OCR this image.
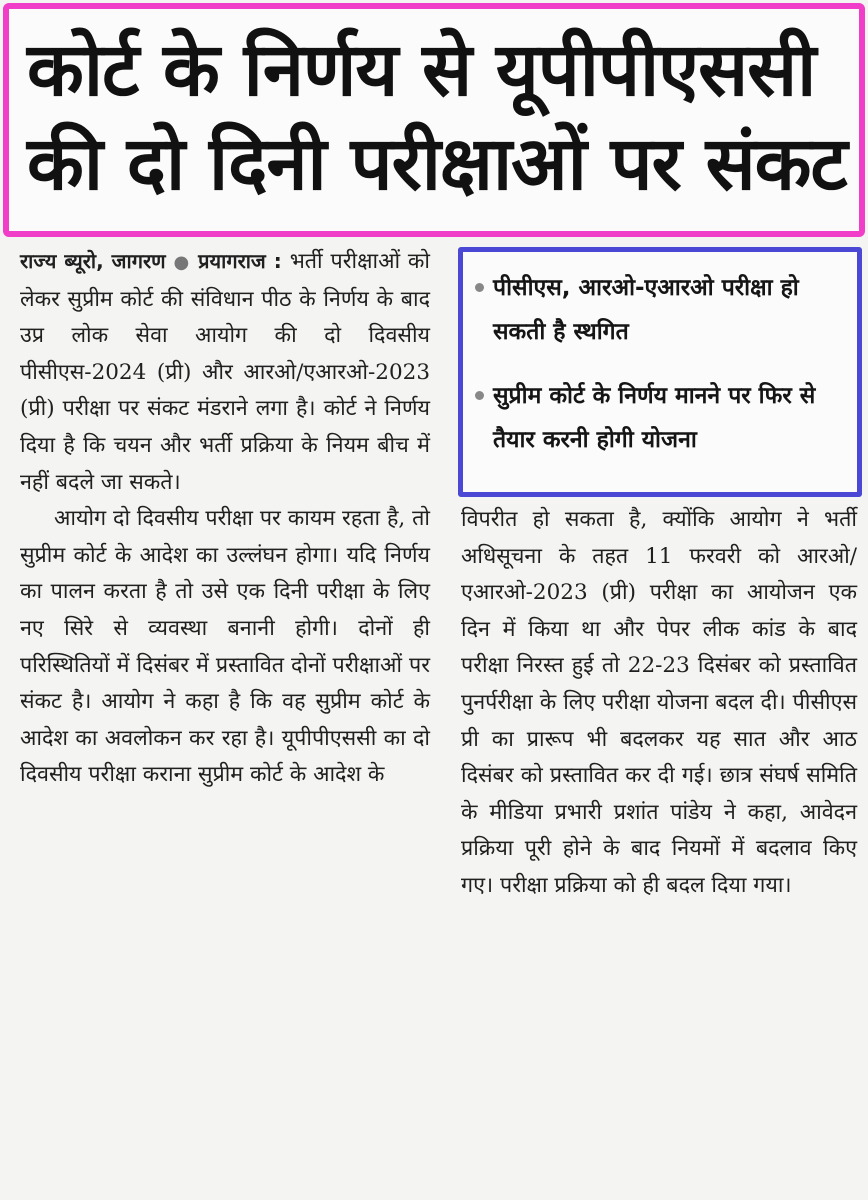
कोर्ट के निर्णय से यूपीपीएससी
की दो दिनी परीक्षाओं पर संकट

राज्य ब्यूरो, जागरण ● प्रयागराज : भर्ती परीक्षाओं को लेकर सुप्रीम कोर्ट की संविधान पीठ के निर्णय के बाद उप्र लोक सेवा आयोग की दो दिवसीय पीसीएस-2024 (प्री) और आरओ/एआरओ-2023 (प्री) परीक्षा पर संकट मंडराने लगा है। कोर्ट ने निर्णय दिया है कि चयन और भर्ती प्रक्रिया के नियम बीच में नहीं बदले जा सकते।

आयोग दो दिवसीय परीक्षा पर कायम रहता है, तो सुप्रीम कोर्ट के आदेश का उल्लंघन होगा। यदि निर्णय का पालन करता है तो उसे एक दिनी परीक्षा के लिए नए सिरे से व्यवस्था बनानी होगी। दोनों ही परिस्थितियों में दिसंबर में प्रस्तावित दोनों परीक्षाओं पर संकट है। आयोग ने कहा है कि वह सुप्रीम कोर्ट के आदेश का अवलोकन कर रहा है। यूपीपीएससी का दो दिवसीय परीक्षा कराना सुप्रीम कोर्ट के आदेश के

पीसीएस, आरओ-एआरओ परीक्षा हो सकती है स्थगित
सुप्रीम कोर्ट के निर्णय मानने पर फिर से तैयार करनी होगी योजना

विपरीत हो सकता है, क्योंकि आयोग ने भर्ती अधिसूचना के तहत 11 फरवरी को आरओ/एआरओ-2023 (प्री) परीक्षा का आयोजन एक दिन में किया था और पेपर लीक कांड के बाद परीक्षा निरस्त हुई तो 22-23 दिसंबर को प्रस्तावित पुनर्परीक्षा के लिए परीक्षा योजना बदल दी। पीसीएस प्री का प्रारूप भी बदलकर यह सात और आठ दिसंबर को प्रस्तावित कर दी गई। छात्र संघर्ष समिति के मीडिया प्रभारी प्रशांत पांडेय ने कहा, आवेदन प्रक्रिया पूरी होने के बाद नियमों में बदलाव किए गए। परीक्षा प्रक्रिया को ही बदल दिया गया।
